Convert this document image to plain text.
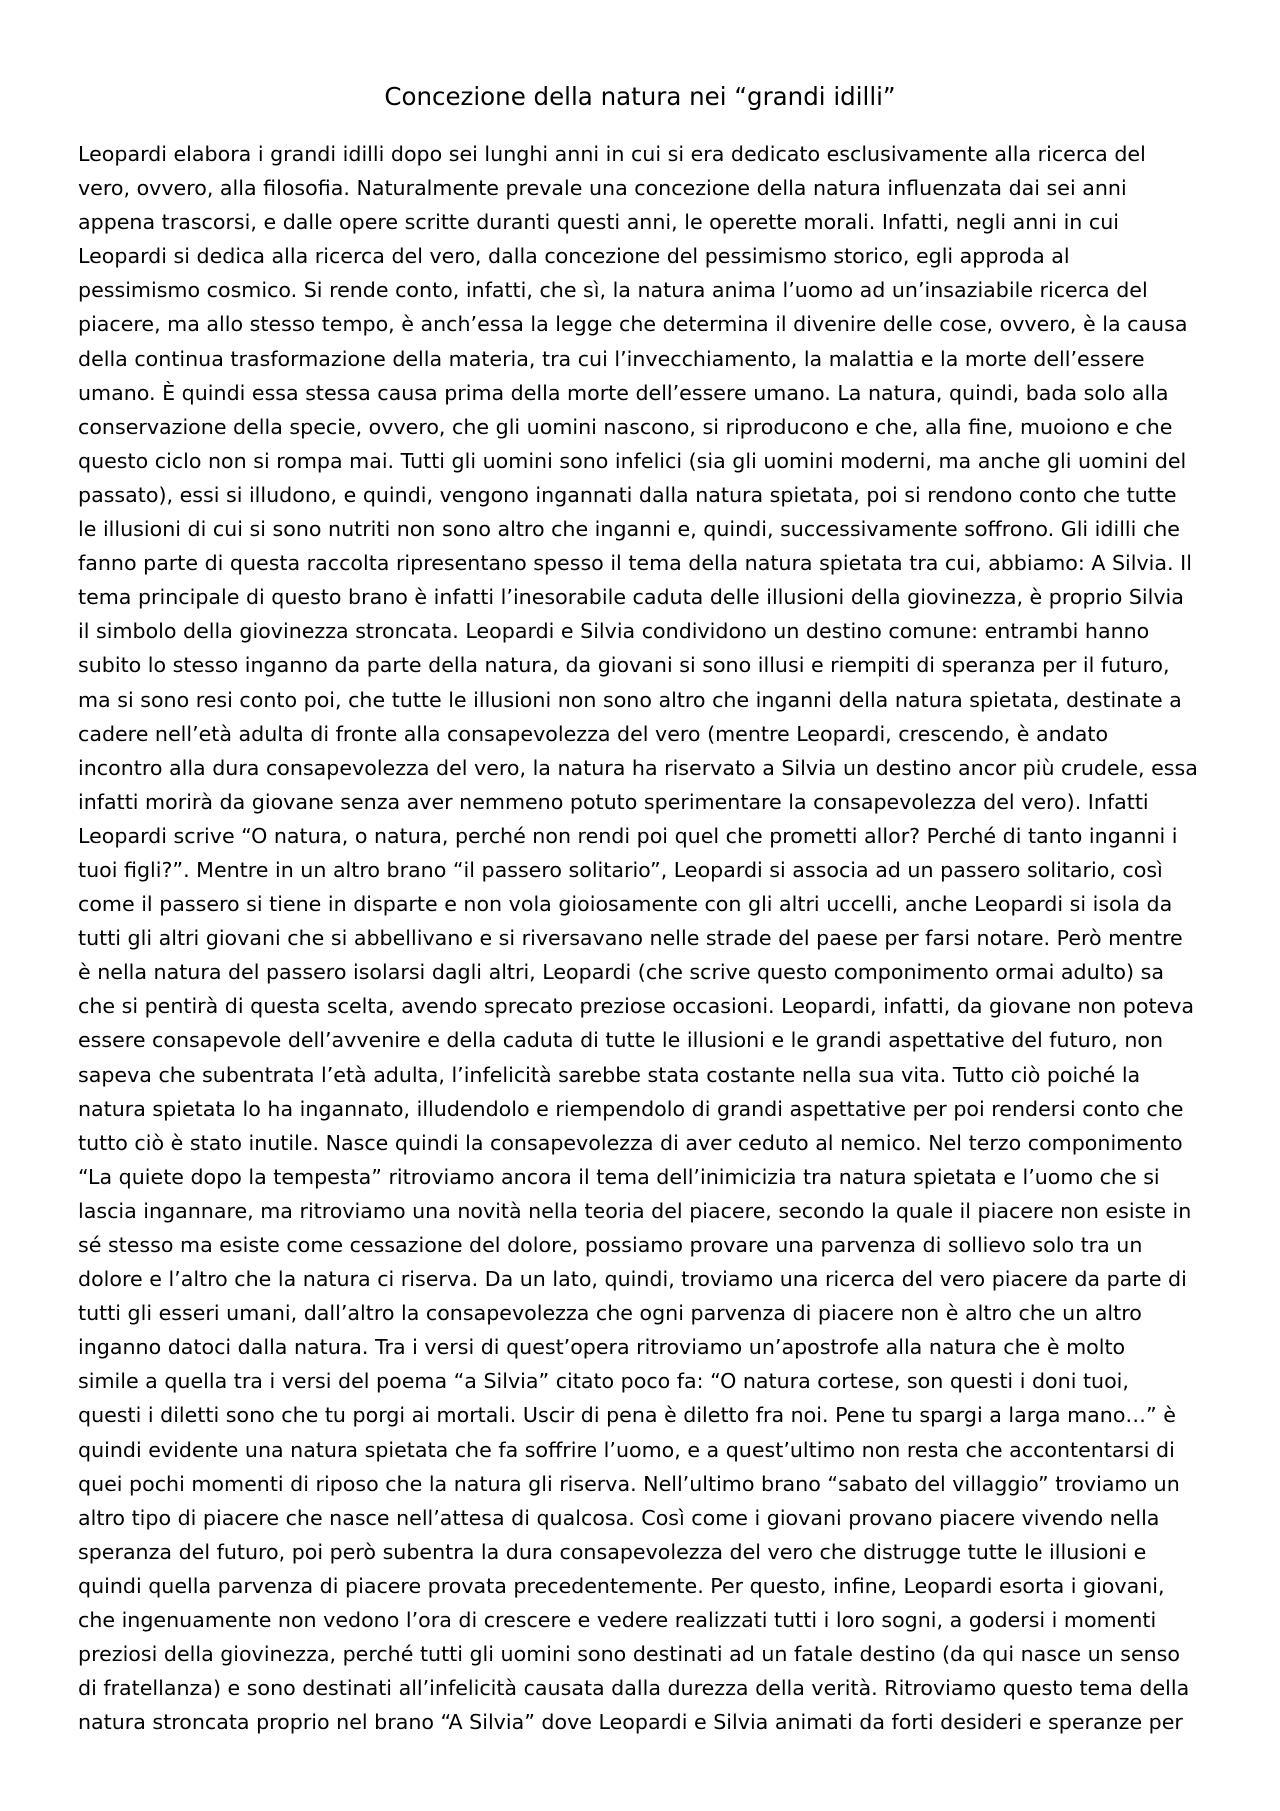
Concezione della natura nei “grandi idilli”
Leopardi elabora i grandi idilli dopo sei lunghi anni in cui si era dedicato esclusivamente alla ricerca del
vero, ovvero, alla filosofia. Naturalmente prevale una concezione della natura influenzata dai sei anni
appena trascorsi, e dalle opere scritte duranti questi anni, le operette morali. Infatti, negli anni in cui
Leopardi si dedica alla ricerca del vero, dalla concezione del pessimismo storico, egli approda al
pessimismo cosmico. Si rende conto, infatti, che sì, la natura anima l’uomo ad un’insaziabile ricerca del
piacere, ma allo stesso tempo, è anch’essa la legge che determina il divenire delle cose, ovvero, è la causa
della continua trasformazione della materia, tra cui l’invecchiamento, la malattia e la morte dell’essere
umano. È quindi essa stessa causa prima della morte dell’essere umano. La natura, quindi, bada solo alla
conservazione della specie, ovvero, che gli uomini nascono, si riproducono e che, alla fine, muoiono e che
questo ciclo non si rompa mai. Tutti gli uomini sono infelici (sia gli uomini moderni, ma anche gli uomini del
passato), essi si illudono, e quindi, vengono ingannati dalla natura spietata, poi si rendono conto che tutte
le illusioni di cui si sono nutriti non sono altro che inganni e, quindi, successivamente soffrono. Gli idilli che
fanno parte di questa raccolta ripresentano spesso il tema della natura spietata tra cui, abbiamo: A Silvia. Il
tema principale di questo brano è infatti l’inesorabile caduta delle illusioni della giovinezza, è proprio Silvia
il simbolo della giovinezza stroncata. Leopardi e Silvia condividono un destino comune: entrambi hanno
subito lo stesso inganno da parte della natura, da giovani si sono illusi e riempiti di speranza per il futuro,
ma si sono resi conto poi, che tutte le illusioni non sono altro che inganni della natura spietata, destinate a
cadere nell’età adulta di fronte alla consapevolezza del vero (mentre Leopardi, crescendo, è andato
incontro alla dura consapevolezza del vero, la natura ha riservato a Silvia un destino ancor più crudele, essa
infatti morirà da giovane senza aver nemmeno potuto sperimentare la consapevolezza del vero). Infatti
Leopardi scrive “O natura, o natura, perché non rendi poi quel che prometti allor? Perché di tanto inganni i
tuoi figli?”. Mentre in un altro brano “il passero solitario”, Leopardi si associa ad un passero solitario, così
come il passero si tiene in disparte e non vola gioiosamente con gli altri uccelli, anche Leopardi si isola da
tutti gli altri giovani che si abbellivano e si riversavano nelle strade del paese per farsi notare. Però mentre
è nella natura del passero isolarsi dagli altri, Leopardi (che scrive questo componimento ormai adulto) sa
che si pentirà di questa scelta, avendo sprecato preziose occasioni. Leopardi, infatti, da giovane non poteva
essere consapevole dell’avvenire e della caduta di tutte le illusioni e le grandi aspettative del futuro, non
sapeva che subentrata l’età adulta, l’infelicità sarebbe stata costante nella sua vita. Tutto ciò poiché la
natura spietata lo ha ingannato, illudendolo e riempendolo di grandi aspettative per poi rendersi conto che
tutto ciò è stato inutile. Nasce quindi la consapevolezza di aver ceduto al nemico. Nel terzo componimento
“La quiete dopo la tempesta” ritroviamo ancora il tema dell’inimicizia tra natura spietata e l’uomo che si
lascia ingannare, ma ritroviamo una novità nella teoria del piacere, secondo la quale il piacere non esiste in
sé stesso ma esiste come cessazione del dolore, possiamo provare una parvenza di sollievo solo tra un
dolore e l’altro che la natura ci riserva. Da un lato, quindi, troviamo una ricerca del vero piacere da parte di
tutti gli esseri umani, dall’altro la consapevolezza che ogni parvenza di piacere non è altro che un altro
inganno datoci dalla natura. Tra i versi di quest’opera ritroviamo un’apostrofe alla natura che è molto
simile a quella tra i versi del poema “a Silvia” citato poco fa: “O natura cortese, son questi i doni tuoi,
questi i diletti sono che tu porgi ai mortali. Uscir di pena è diletto fra noi. Pene tu spargi a larga mano…” è
quindi evidente una natura spietata che fa soffrire l’uomo, e a quest’ultimo non resta che accontentarsi di
quei pochi momenti di riposo che la natura gli riserva. Nell’ultimo brano “sabato del villaggio” troviamo un
altro tipo di piacere che nasce nell’attesa di qualcosa. Così come i giovani provano piacere vivendo nella
speranza del futuro, poi però subentra la dura consapevolezza del vero che distrugge tutte le illusioni e
quindi quella parvenza di piacere provata precedentemente. Per questo, infine, Leopardi esorta i giovani,
che ingenuamente non vedono l’ora di crescere e vedere realizzati tutti i loro sogni, a godersi i momenti
preziosi della giovinezza, perché tutti gli uomini sono destinati ad un fatale destino (da qui nasce un senso
di fratellanza) e sono destinati all’infelicità causata dalla durezza della verità. Ritroviamo questo tema della
natura stroncata proprio nel brano “A Silvia” dove Leopardi e Silvia animati da forti desideri e speranze per
